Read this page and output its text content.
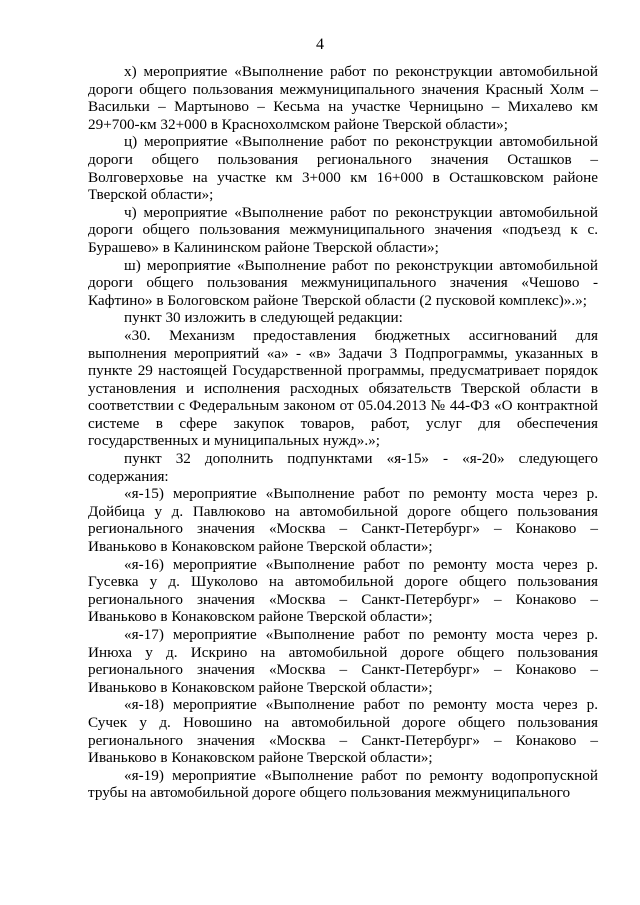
4

х) мероприятие «Выполнение работ по реконструкции автомобильной дороги общего пользования межмуниципального значения Красный Холм – Васильки – Мартыново – Кесьма на участке Черницыно – Михалево км 29+700-км 32+000 в Краснохолмском районе Тверской области»;

ц) мероприятие «Выполнение работ по реконструкции автомобильной дороги общего пользования регионального значения Осташков – Волговерховье на участке км 3+000 км 16+000 в Осташковском районе Тверской области»;

ч) мероприятие «Выполнение работ по реконструкции автомобильной дороги общего пользования межмуниципального значения «подъезд к с. Бурашево» в Калининском районе Тверской области»;

ш) мероприятие «Выполнение работ по реконструкции автомобильной дороги общего пользования межмуниципального значения «Чешово - Кафтино» в Бологовском районе Тверской области (2 пусковой комплекс)».»;

пункт 30 изложить в следующей редакции:

«30. Механизм предоставления бюджетных ассигнований для выполнения мероприятий «а» - «в» Задачи 3 Подпрограммы, указанных в пункте 29 настоящей Государственной программы, предусматривает порядок установления и исполнения расходных обязательств Тверской области в соответствии с Федеральным законом от 05.04.2013 № 44-ФЗ «О контрактной системе в сфере закупок товаров, работ, услуг для обеспечения государственных и муниципальных нужд».»;

пункт 32 дополнить подпунктами «я-15» - «я-20» следующего содержания:

«я-15) мероприятие «Выполнение работ по ремонту моста через р. Дойбица у д. Павлюково на автомобильной дороге общего пользования регионального значения «Москва – Санкт-Петербург» – Конаково – Иваньково в Конаковском районе Тверской области»;

«я-16) мероприятие «Выполнение работ по ремонту моста через р. Гусевка у д. Шуколово на автомобильной дороге общего пользования регионального значения «Москва – Санкт-Петербург» – Конаково – Иваньково в Конаковском районе Тверской области»;

«я-17) мероприятие «Выполнение работ по ремонту моста через р. Инюха у д. Искрино на автомобильной дороге общего пользования регионального значения «Москва – Санкт-Петербург» – Конаково – Иваньково в Конаковском районе Тверской области»;

«я-18) мероприятие «Выполнение работ по ремонту моста через р. Сучек у д. Новошино на автомобильной дороге общего пользования регионального значения «Москва – Санкт-Петербург» – Конаково – Иваньково в Конаковском районе Тверской области»;

«я-19) мероприятие «Выполнение работ по ремонту водопропускной трубы на автомобильной дороге общего пользования межмуниципального
